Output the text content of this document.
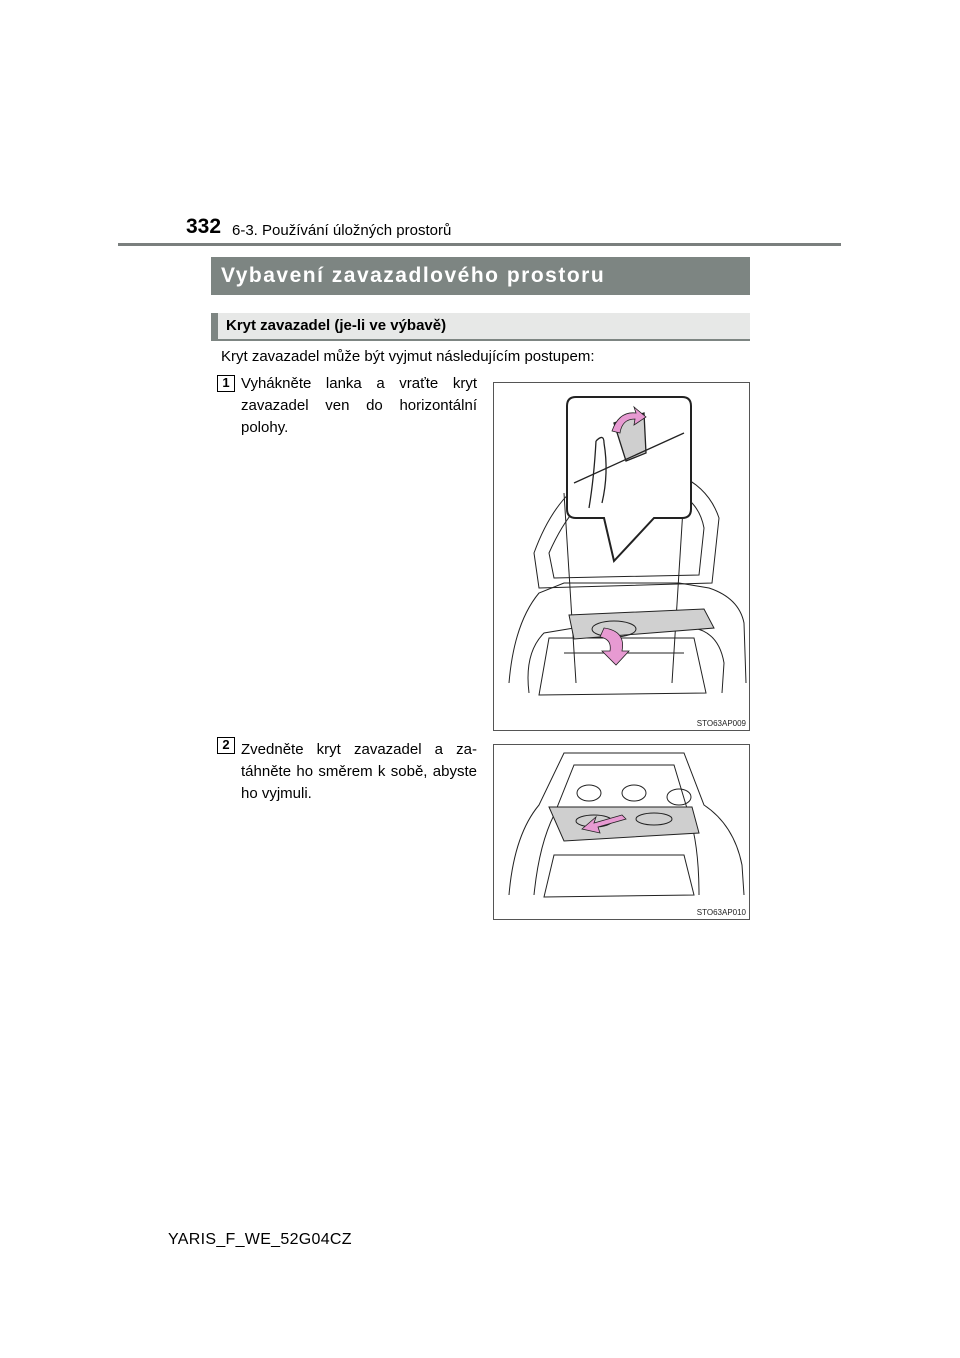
332 6-3. Používání úložných prostorů
Vybavení zavazadlového prostoru
Kryt zavazadel (je-li ve výbavě)
Kryt zavazadel může být vyjmut následujícím postupem:
1 Vyhákněte lanka a vraťte kryt zavazadel ven do horizontální polohy.
STO63AP009
2 Zvedněte kryt zavazadel a za-táhněte ho směrem k sobě, abyste ho vyjmuli.
STO63AP010
YARIS_F_WE_52G04CZ
